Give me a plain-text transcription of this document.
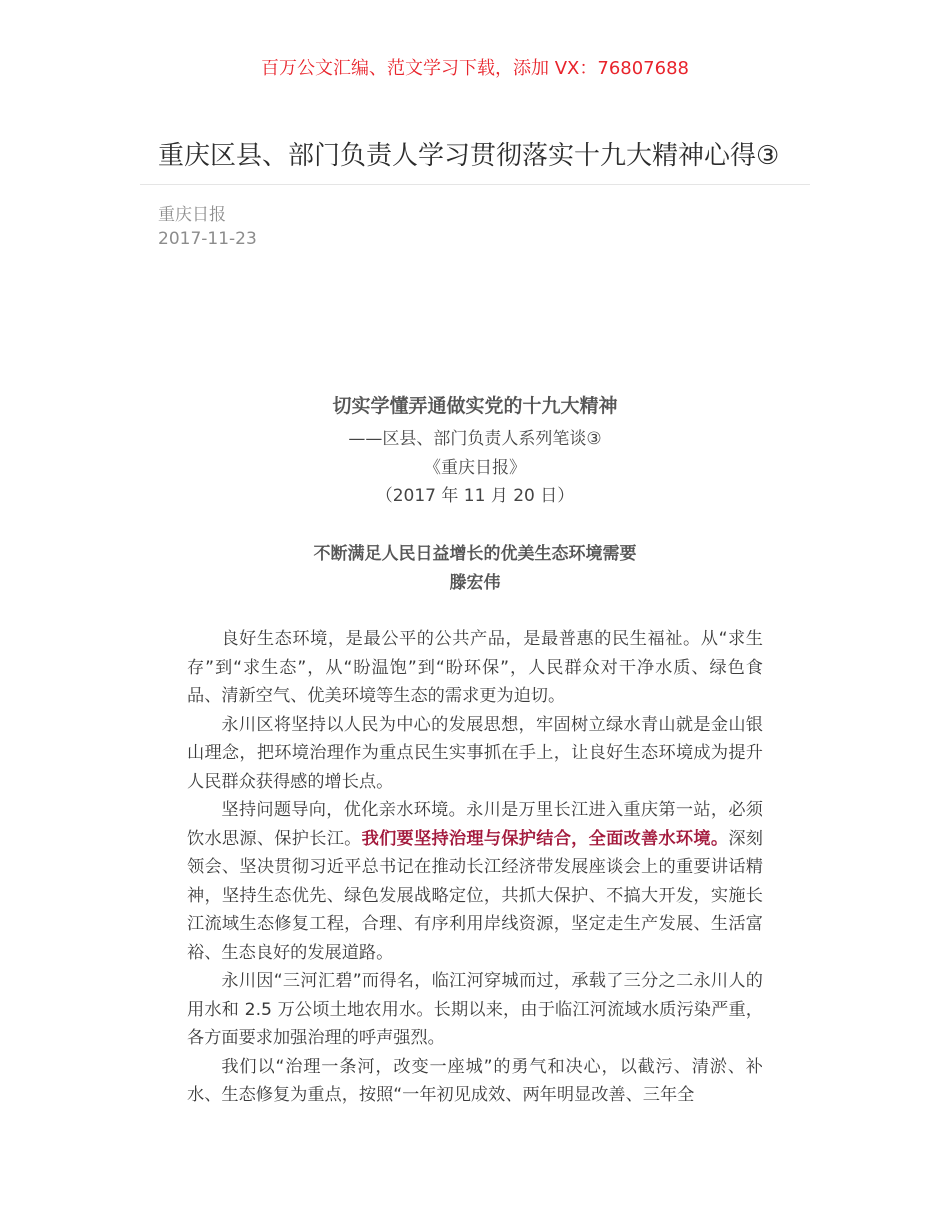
百万公文汇编、范文学习下载，添加 VX：76807688
重庆区县、部门负责人学习贯彻落实十九大精神心得③
重庆日报
2017-11-23
切实学懂弄通做实党的十九大精神
——区县、部门负责人系列笔谈③
《重庆日报》
（2017 年 11 月 20 日）
不断满足人民日益增长的优美生态环境需要
滕宏伟

良好生态环境，是最公平的公共产品，是最普惠的民生福祉。从“求生存”到“求生态”，从“盼温饱”到“盼环保”，人民群众对干净水质、绿色食品、清新空气、优美环境等生态的需求更为迫切。

永川区将坚持以人民为中心的发展思想，牢固树立绿水青山就是金山银山理念，把环境治理作为重点民生实事抓在手上，让良好生态环境成为提升人民群众获得感的增长点。

坚持问题导向，优化亲水环境。永川是万里长江进入重庆第一站，必须饮水思源、保护长江。我们要坚持治理与保护结合，全面改善水环境。深刻领会、坚决贯彻习近平总书记在推动长江经济带发展座谈会上的重要讲话精神，坚持生态优先、绿色发展战略定位，共抓大保护、不搞大开发，实施长江流域生态修复工程，合理、有序利用岸线资源，坚定走生产发展、生活富裕、生态良好的发展道路。

永川因“三河汇碧”而得名，临江河穿城而过，承载了三分之二永川人的用水和 2.5 万公顷土地农用水。长期以来，由于临江河流域水质污染严重，各方面要求加强治理的呼声强烈。

我们以“治理一条河，改变一座城”的勇气和决心，以截污、清淤、补水、生态修复为重点，按照“一年初见成效、两年明显改善、三年全
